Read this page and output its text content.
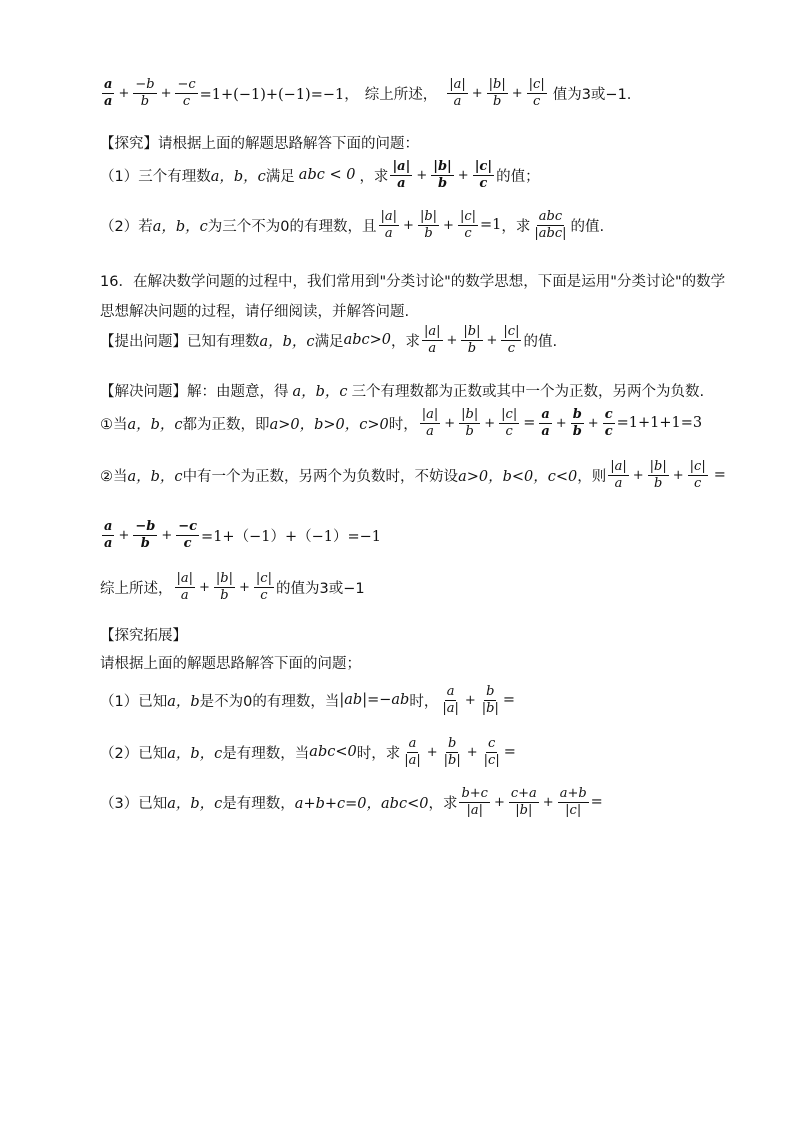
$\frac{a}{a} + \frac{-b}{b} + \frac{-c}{c} =1+(-1)+(-1)=-1$， 综上所述， $\frac{|a|}{a} + \frac{|b|}{b} + \frac{|c|}{c}$ 值为3或−1.
【探究】请根据上面的解题思路解答下面的问题：
（1）三个有理数 a，b，c 满足 abc < 0 ，求 $\frac{|a|}{a} + \frac{|b|}{b} + \frac{|c|}{c}$ 的值；
（2）若 a，b，c 为三个不为0的有理数，且 $\frac{|a|}{a} + \frac{|b|}{b} + \frac{|c|}{c} =1$ ，求 $\frac{\text{abc}}{\text{|abc|}}$ 的值.
16．在解决数学问题的过程中，我们常用到"分类讨论"的数学思想，下面是运用"分类讨论"的数学
思想解决问题的过程，请仔细阅读，并解答问题.
【提出问题】已知有理数 a，b，c 满足 abc>0 ，求 $\frac{|a|}{a} + \frac{|b|}{b} + \frac{|c|}{c}$ 的值.
【解决问题】解：由题意，得 a，b，c 三个有理数都为正数或其中一个为正数，另两个为负数.
①当 a，b，c 都为正数，即 a>0，b>0，c>0 时， $\frac{|a|}{a} + \frac{|b|}{b} + \frac{|c|}{c} = \frac{a}{a} + \frac{b}{b} + \frac{c}{c} =1+1+1=3$
②当 a，b，c 中有一个为正数，另两个为负数时，不妨设 a>0，b<0，c<0 ，则 $\frac{|a|}{a} + \frac{|b|}{b} + \frac{|c|}{c}$ =
$\frac{a}{a} + \frac{-b}{b} + \frac{-c}{c} =1+(-1)+(-1)=-1$
综上所述， $\frac{|a|}{a} + \frac{|b|}{b} + \frac{|c|}{c}$ 的值为3或−1
【探究拓展】
请根据上面的解题思路解答下面的问题；
（1）已知 a，b 是不为0的有理数，当 |ab|=−ab 时， $\frac{a}{|a|} + \frac{b}{|b|}$ =
（2）已知 a，b，c 是有理数，当 abc<0 时，求 $\frac{a}{|a|} + \frac{b}{|b|} + \frac{c}{|c|}$ =
（3）已知 a，b，c 是有理数， a+b+c=0，abc<0 ，求 $\frac{b+c}{|a|} + \frac{c+a}{|b|} + \frac{a+b}{|c|}$ =
